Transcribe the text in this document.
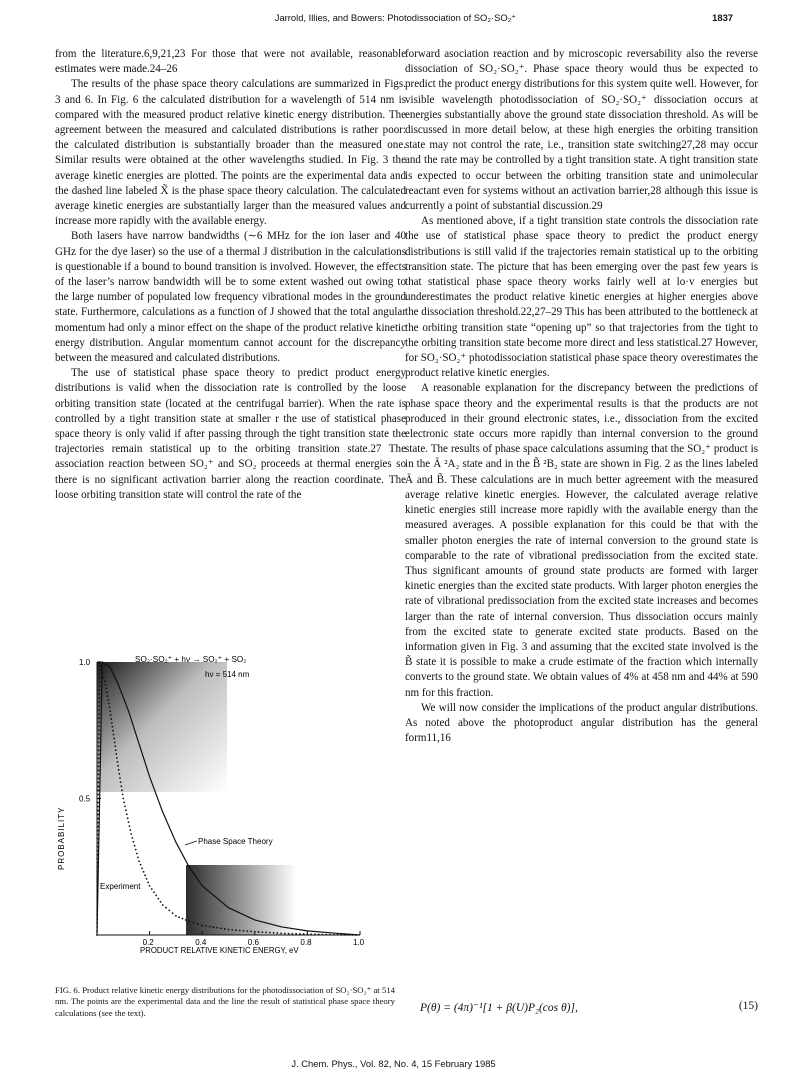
Jarrold, Illies, and Bowers: Photodissociation of SO₂·SO₂⁺	1837

from the literature.6,9,21,23 For those that were not available, reasonable estimates were made.24–26

The results of the phase space theory calculations are summarized in Figs. 3 and 6. In Fig. 6 the calculated distribution for a wavelength of 514 nm is compared with the measured product relative kinetic energy distribution. The agreement between the measured and calculated distributions is rather poor: the calculated distribution is substantially broader than the measured one. Similar results were obtained at the other wavelengths studied. In Fig. 3 the average kinetic energies are plotted. The points are the experimental data and the dashed line labeled X̃ is the phase space theory calculation. The calculated average kinetic energies are substantially larger than the measured values and increase more rapidly with the available energy.

Both lasers have narrow bandwidths (∼6 MHz for the ion laser and 40 GHz for the dye laser) so the use of a thermal J distribution in the calculations is questionable if a bound to bound transition is involved. However, the effects of the laser’s narrow bandwidth will be to some extent washed out owing to the large number of populated low frequency vibrational modes in the ground state. Furthermore, calculations as a function of J showed that the total angular momentum had only a minor effect on the shape of the product relative kinetic energy distribution. Angular momentum cannot account for the discrepancy between the measured and calculated distributions.

The use of statistical phase space theory to predict product energy distributions is valid when the dissociation rate is controlled by the loose orbiting transition state (located at the centrifugal barrier). When the rate is controlled by a tight transition state at smaller r the use of statistical phase space theory is only valid if after passing through the tight transition state the trajectories remain statistical up to the orbiting transition state.27 The association reaction between SO₂⁺ and SO₂ proceeds at thermal energies so there is no significant activation barrier along the reaction coordinate. The loose orbiting transition state will control the rate of the

0.2	0.4	0.6	0.8	1.0
1.0
0.5
SO₂·SO₂⁺ + hν → SO₂⁺ + SO₂
hν = 514 nm
Phase Space Theory
Experiment
PROBABILITY
PRODUCT RELATIVE KINETIC ENERGY, eV
FIG. 6. Product relative kinetic energy distributions for the photodissociation of SO₂·SO₂⁺ at 514 nm. The points are the experimental data and the line the result of statistical phase space theory calculations (see the text).

forward asociation reaction and by microscopic reversability also the reverse dissociation of SO₂·SO₂⁺. Phase space theory would thus be expected to predict the product energy distributions for this system quite well. However, for visible wavelength photodissociation of SO₂·SO₂⁺ dissociation occurs at energies substantially above the ground state dissociation threshold. As will be discussed in more detail below, at these high energies the orbiting transition state may not control the rate, i.e., transition state switching27,28 may occur and the rate may be controlled by a tight transition state. A tight transition state is expected to occur between the orbiting transition state and unimolecular reactant even for systems without an activation barrier,28 although this issue is currently a point of substantial discussion.29

As mentioned above, if a tight transition state controls the dissociation rate the use of statistical phase space theory to predict the product energy distributions is still valid if the trajectories remain statistical up to the orbiting transition state. The picture that has been emerging over the past few years is that statistical phase space theory works fairly well at lo·v energies but underestimates the product relative kinetic energies at higher energies above the dissociation threshold.22,27–29 This has been attributed to the bottleneck at the orbiting transition state “opening up” so that trajectories from the tight to the orbiting transition state become more direct and less statistical.27 However, for SO₂·SO₂⁺ photodissociation statistical phase space theory overestimates the product relative kinetic energies.

A reasonable explanation for the discrepancy between the predictions of phase space theory and the experimental results is that the products are not produced in their ground electronic states, i.e., dissociation from the excited electronic state occurs more rapidly than internal conversion to the ground state. The results of phase space calculations assuming that the SO₂⁺ product is in the Ã ²A₂ state and in the B̃ ²B₂ state are shown in Fig. 2 as the lines labeled Ã and B̃. These calculations are in much better agreement with the measured average relative kinetic energies. However, the calculated average relative kinetic energies still increase more rapidly with the available energy than the measured averages. A possible explanation for this could be that with the smaller photon energies the rate of internal conversion to the ground state is comparable to the rate of vibrational predissociation from the excited state. Thus significant amounts of ground state products are formed with larger kinetic energies than the excited state products. With larger photon energies the rate of vibrational predissociation from the excited state increases and becomes larger than the rate of internal conversion. Thus dissociation occurs mainly from the excited state to generate excited state products. Based on the information given in Fig. 3 and assuming that the excited state involved is the B̃ state it is possible to make a crude estimate of the fraction which internally converts to the ground state. We obtain values of 4% at 458 nm and 44% at 590 nm for this fraction.

We will now consider the implications of the product angular distributions. As noted above the photoproduct angular distribution has the general form11,16

P(θ) = (4π)⁻¹[1 + β(U)P₂(cos θ)],	(15)
J. Chem. Phys., Vol. 82, No. 4, 15 February 1985
